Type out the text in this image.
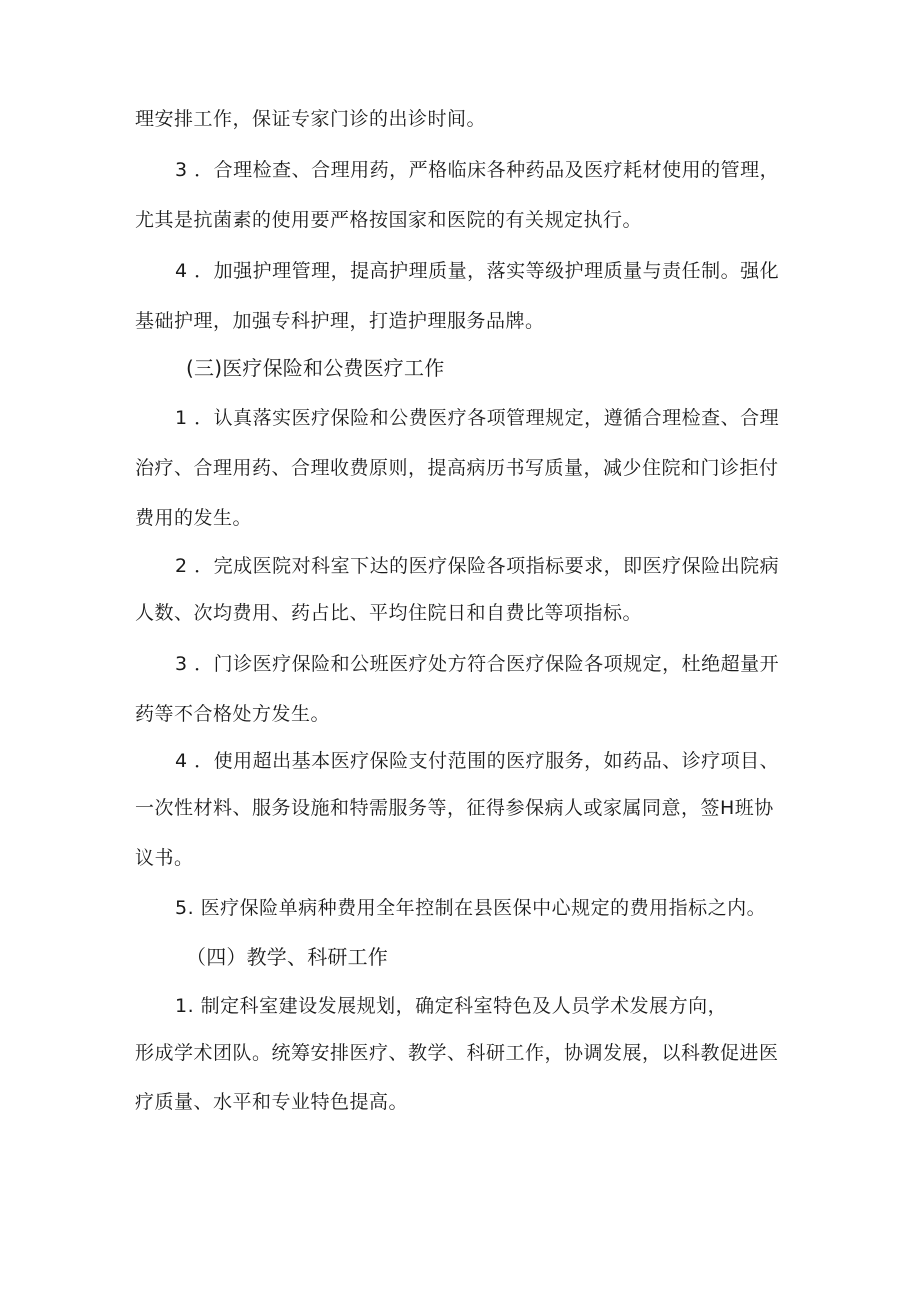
理安排工作，保证专家门诊的出诊时间。
3 ．合理检查、合理用药，严格临床各种药品及医疗耗材使用的管理，
尤其是抗菌素的使用要严格按国家和医院的有关规定执行。
4 ．加强护理管理，提高护理质量，落实等级护理质量与责任制。强化
基础护理，加强专科护理，打造护理服务品牌。
(三)医疗保险和公费医疗工作
1 ．认真落实医疗保险和公费医疗各项管理规定，遵循合理检查、合理
治疗、合理用药、合理收费原则，提高病历书写质量，减少住院和门诊拒付
费用的发生。
2 ．完成医院对科室下达的医疗保险各项指标要求，即医疗保险出院病
人数、次均费用、药占比、平均住院日和自费比等项指标。
3 ．门诊医疗保险和公班医疗处方符合医疗保险各项规定，杜绝超量开
药等不合格处方发生。
4 ．使用超出基本医疗保险支付范围的医疗服务，如药品、诊疗项目、
一次性材料、服务设施和特需服务等，征得参保病人或家属同意，签H班协
议书。
5. 医疗保险单病种费用全年控制在县医保中心规定的费用指标之内。
（四）教学、科研工作
1. 制定科室建设发展规划，确定科室特色及人员学术发展方向，
形成学术团队。统筹安排医疗、教学、科研工作，协调发展，以科教促进医
疗质量、水平和专业特色提高。
